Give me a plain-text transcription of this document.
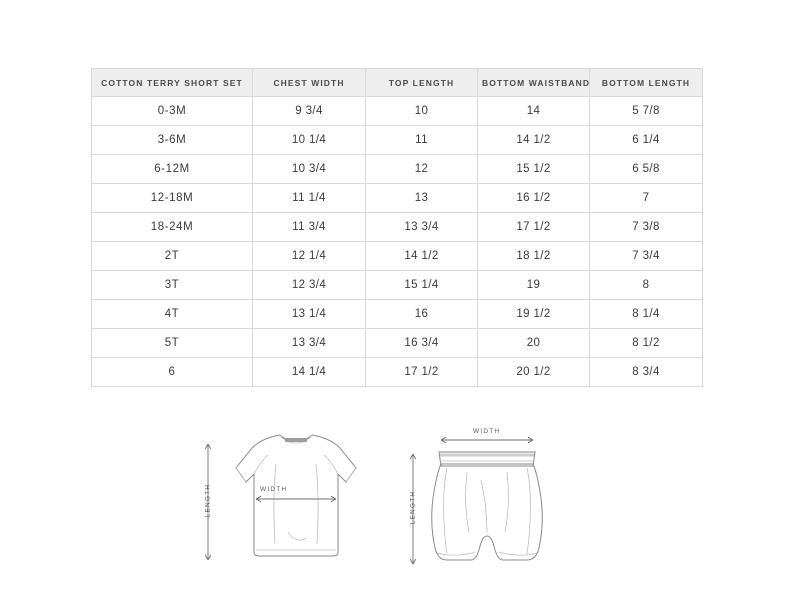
COTTON TERRY SHORT SET	CHEST WIDTH	TOP LENGTH	BOTTOM WAISTBAND	BOTTOM LENGTH
0-3M	9 3/4	10	14	5 7/8
3-6M	10 1/4	11	14 1/2	6 1/4
6-12M	10 3/4	12	15 1/2	6 5/8
12-18M	11 1/4	13	16 1/2	7
18-24M	11 3/4	13 3/4	17 1/2	7 3/8
2T	12 1/4	14 1/2	18 1/2	7 3/4
3T	12 3/4	15 1/4	19	8
4T	13 1/4	16	19 1/2	8 1/4
5T	13 3/4	16 3/4	20	8 1/2
6	14 1/4	17 1/2	20 1/2	8 3/4
WIDTH
LENGTH
WIDTH
LENGTH
